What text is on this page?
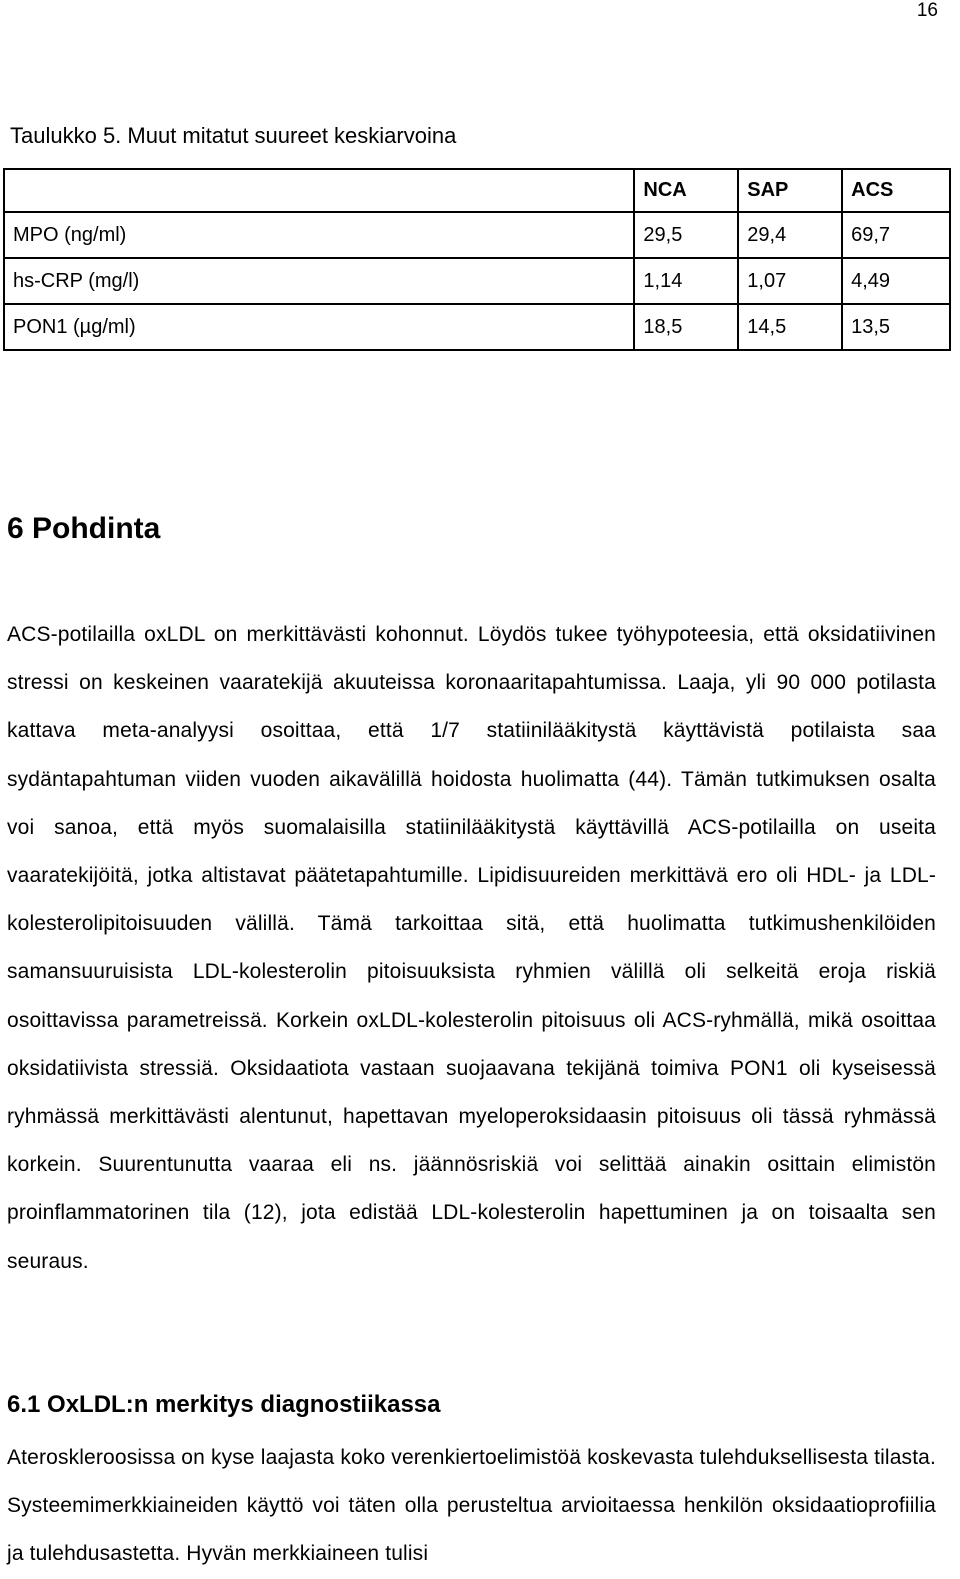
16
Taulukko 5. Muut mitatut suureet keskiarvoina
	NCA	SAP	ACS
MPO (ng/ml)	29,5	29,4	69,7
hs-CRP (mg/l)	1,14	1,07	4,49
PON1 (µg/ml)	18,5	14,5	13,5
6 Pohdinta

ACS-potilailla oxLDL on merkittävästi kohonnut. Löydös tukee työhypoteesia, että oksidatiivinen stressi on keskeinen vaaratekijä akuuteissa koronaaritapahtumissa. Laaja, yli 90 000 potilasta kattava meta-analyysi osoittaa, että 1/7 statiinilääkitystä käyttävistä potilaista saa sydäntapahtuman viiden vuoden aikavälillä hoidosta huolimatta (44). Tämän tutkimuksen osalta voi sanoa, että myös suomalaisilla statiinilääkitystä käyttävillä ACS-potilailla on useita vaaratekijöitä, jotka altistavat päätetapahtumille. Lipidisuureiden merkittävä ero oli HDL- ja LDL-kolesterolipitoisuuden välillä. Tämä tarkoittaa sitä, että huolimatta tutkimushenkilöiden samansuuruisista LDL-kolesterolin pitoisuuksista ryhmien välillä oli selkeitä eroja riskiä osoittavissa parametreissä. Korkein oxLDL-kolesterolin pitoisuus oli ACS-ryhmällä, mikä osoittaa oksidatiivista stressiä. Oksidaatiota vastaan suojaavana tekijänä toimiva PON1 oli kyseisessä ryhmässä merkittävästi alentunut, hapettavan myeloperoksidaasin pitoisuus oli tässä ryhmässä korkein. Suurentunutta vaaraa eli ns. jäännösriskiä voi selittää ainakin osittain elimistön proinflammatorinen tila (12), jota edistää LDL-kolesterolin hapettuminen ja on toisaalta sen seuraus.

6.1 OxLDL:n merkitys diagnostiikassa

Ateroskleroosissa on kyse laajasta koko verenkiertoelimistöä koskevasta tulehduksellisesta tilasta. Systeemimerkkiaineiden käyttö voi täten olla perusteltua arvioitaessa henkilön oksidaatioprofiilia ja tulehdusastetta. Hyvän merkkiaineen tulisi
